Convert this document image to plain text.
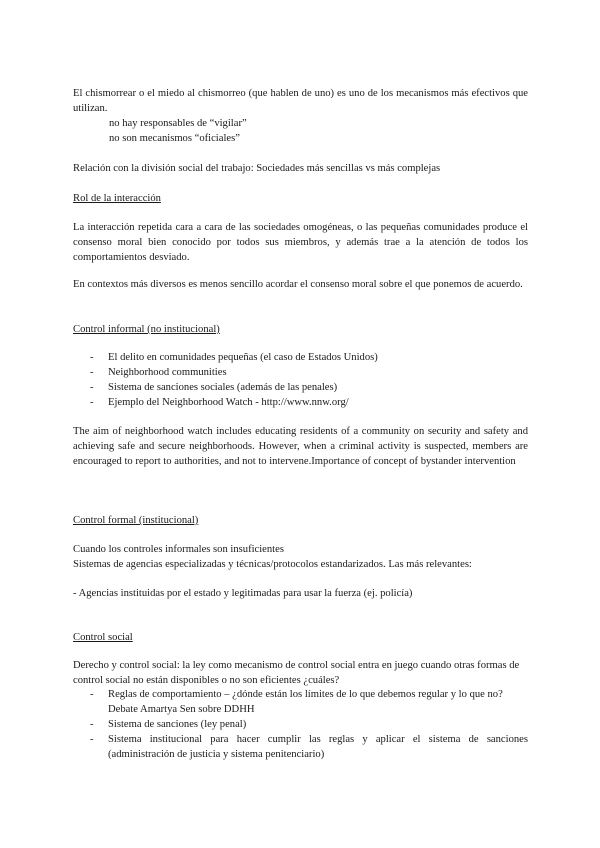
El chismorrear o el miedo al chismorreo (que hablen de uno) es uno de los mecanismos más efectivos que utilizan.

no hay responsables de “vigilar”
no son mecanismos “oficiales”

Relación con la división social del trabajo: Sociedades más sencillas vs más complejas

Rol de la interacción

La interacción repetida cara a cara de las sociedades omogéneas, o las pequeñas comunidades produce el consenso moral bien conocido por todos sus miembros, y además trae a la atención de todos los comportamientos desviado.

En contextos más diversos es menos sencillo acordar el consenso moral sobre el que ponemos de acuerdo.

Control informal (no institucional)

- El delito en comunidades pequeñas (el caso de Estados Unidos)
- Neighborhood communities
- Sistema de sanciones sociales (además de las penales)
- Ejemplo del Neighborhood Watch - http://www.nnw.org/

The aim of neighborhood watch includes educating residents of a community on security and safety and achieving safe and secure neighborhoods. However, when a criminal activity is suspected, members are encouraged to report to authorities, and not to intervene.Importance of concept of bystander intervention

Control formal (institucional)

Cuando los controles informales son insuficientes

Sistemas de agencias especializadas y técnicas/protocolos estandarizados. Las más relevantes:

- Agencias instituidas por el estado y legitimadas para usar la fuerza (ej. policía)

Control social

Derecho y control social: la ley como mecanismo de control social entra en juego cuando otras formas de control social no están disponibles o no son eficientes ¿cuáles?

- Reglas de comportamiento – ¿dónde están los límites de lo que debemos regular y lo que no?
Debate Amartya Sen sobre DDHH
- Sistema de sanciones (ley penal)
- Sistema institucional para hacer cumplir las reglas y aplicar el sistema de sanciones (administración de justicia y sistema penitenciario)
